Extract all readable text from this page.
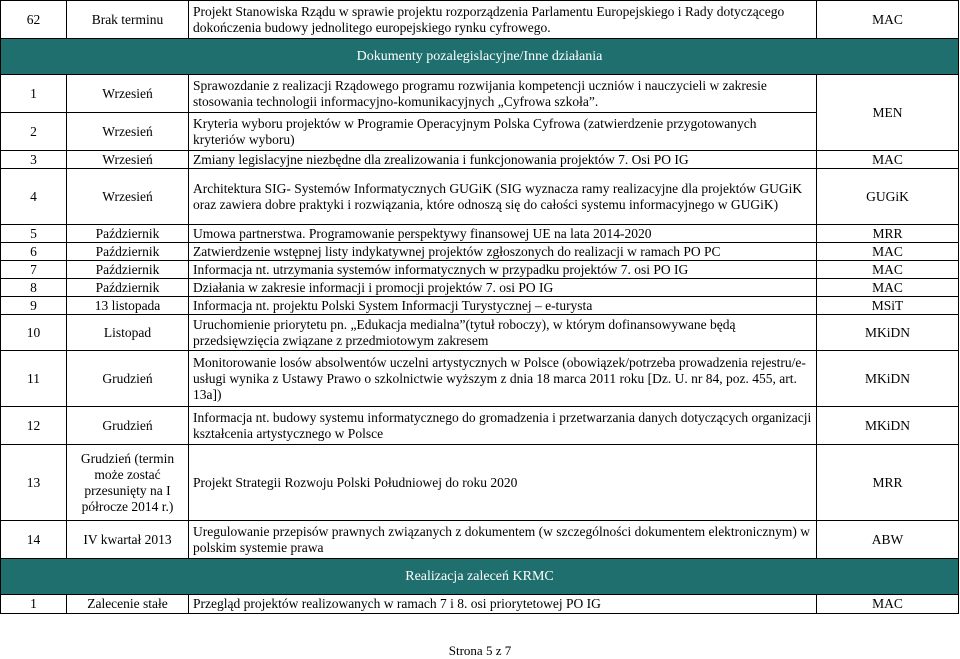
62	Brak terminu	Projekt Stanowiska Rządu w sprawie projektu rozporządzenia Parlamentu Europejskiego i Rady dotyczącego dokończenia budowy jednolitego europejskiego rynku cyfrowego.	MAC
Dokumenty pozalegislacyjne/Inne działania			
1	Wrzesień	Sprawozdanie z realizacji Rządowego programu rozwijania kompetencji uczniów i nauczycieli w zakresie stosowania technologii informacyjno-komunikacyjnych „Cyfrowa szkoła”.	MEN
2	Wrzesień	Kryteria wyboru projektów w Programie Operacyjnym Polska Cyfrowa (zatwierdzenie przygotowanych kryteriów wyboru)	
3	Wrzesień	Zmiany legislacyjne niezbędne dla zrealizowania i funkcjonowania projektów 7. Osi PO IG	MAC
4	Wrzesień	Architektura SIG- Systemów Informatycznych GUGiK (SIG wyznacza ramy realizacyjne dla projektów GUGiK oraz zawiera dobre praktyki i rozwiązania, które odnoszą się do całości systemu informacyjnego w GUGiK)	GUGiK
5	Październik	Umowa partnerstwa. Programowanie perspektywy finansowej UE na lata 2014-2020	MRR
6	Październik	Zatwierdzenie wstępnej listy indykatywnej projektów zgłoszonych do realizacji w ramach PO PC	MAC
7	Październik	Informacja nt. utrzymania systemów informatycznych w przypadku projektów 7. osi PO IG	MAC
8	Październik	Działania w zakresie informacji i promocji projektów 7. osi PO IG	MAC
9	13 listopada	Informacja nt. projektu Polski System Informacji Turystycznej – e-turysta	MSiT
10	Listopad	Uruchomienie priorytetu pn. „Edukacja medialna”(tytuł roboczy), w którym dofinansowywane będą przedsięwzięcia związane z przedmiotowym zakresem	MKiDN
11	Grudzień	Monitorowanie losów absolwentów uczelni artystycznych w Polsce (obowiązek/potrzeba prowadzenia rejestru/e-usługi wynika z Ustawy Prawo o szkolnictwie wyższym z dnia 18 marca 2011 roku [Dz. U. nr 84, poz. 455, art. 13a])	MKiDN
12	Grudzień	Informacja nt. budowy systemu informatycznego do gromadzenia i przetwarzania danych dotyczących organizacji kształcenia artystycznego w Polsce	MKiDN
13	Grudzień (termin może zostać przesunięty na I półrocze 2014 r.)	Projekt Strategii Rozwoju Polski Południowej do roku 2020	MRR
14	IV kwartał 2013	Uregulowanie przepisów prawnych związanych z dokumentem (w szczególności dokumentem elektronicznym) w polskim systemie prawa	ABW
Realizacja zaleceń KRMC			
1	Zalecenie stałe	Przegląd projektów realizowanych w ramach 7 i 8. osi priorytetowej PO IG	MAC
Strona 5 z 7
